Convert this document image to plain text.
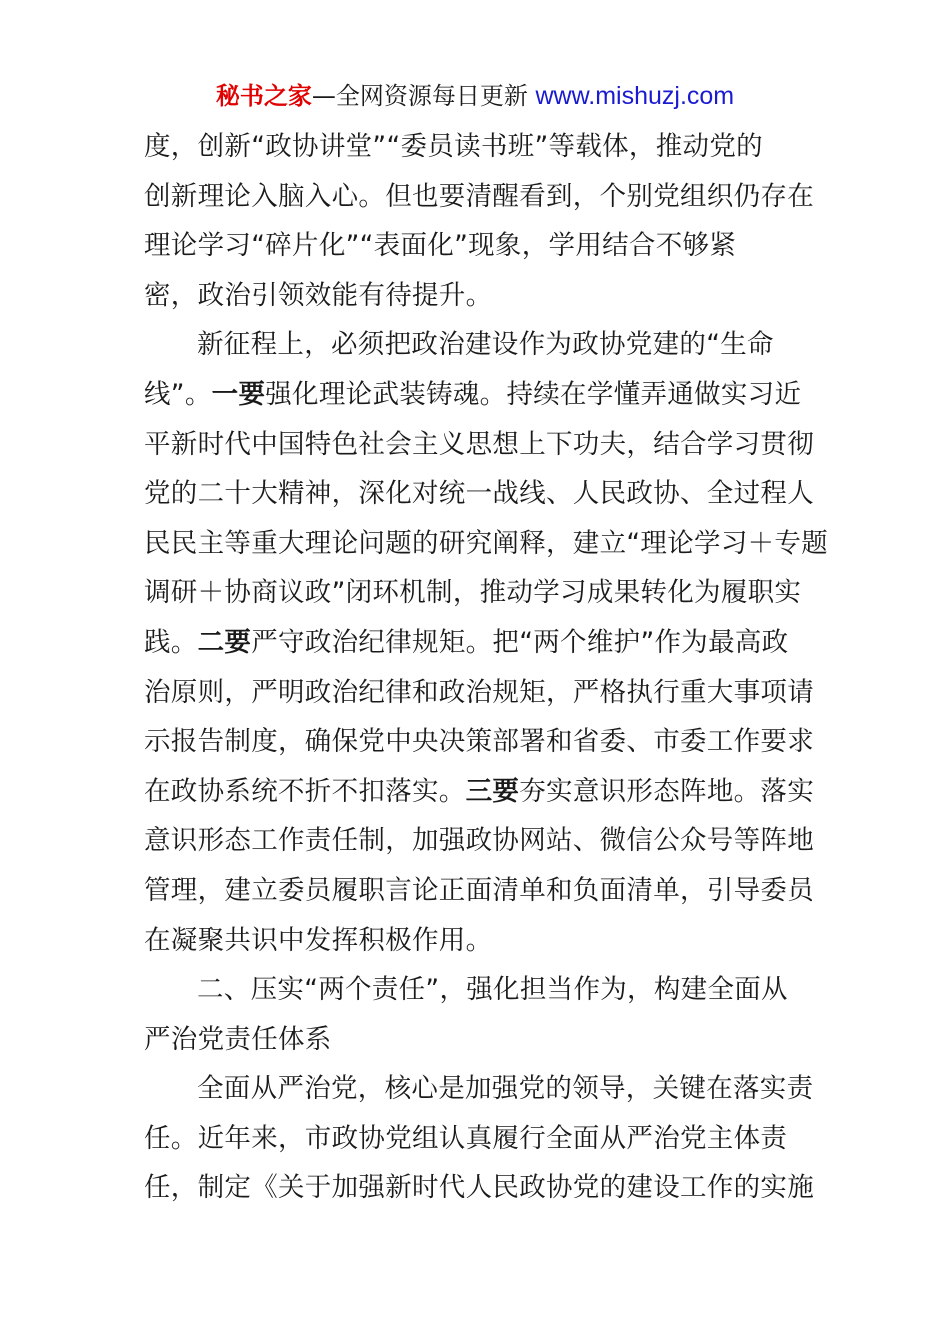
秘书之家—全网资源每日更新 www.mishuzj.com

度，创新“政协讲堂”“委员读书班”等载体，推动党的
创新理论入脑入心。但也要清醒看到，个别党组织仍存在
理论学习“碎片化”“表面化”现象，学用结合不够紧
密，政治引领效能有待提升。

新征程上，必须把政治建设作为政协党建的“生命
线”。一要强化理论武装铸魂。持续在学懂弄通做实习近
平新时代中国特色社会主义思想上下功夫，结合学习贯彻
党的二十大精神，深化对统一战线、人民政协、全过程人
民民主等重大理论问题的研究阐释，建立“理论学习＋专题
调研＋协商议政”闭环机制，推动学习成果转化为履职实
践。二要严守政治纪律规矩。把“两个维护”作为最高政
治原则，严明政治纪律和政治规矩，严格执行重大事项请
示报告制度，确保党中央决策部署和省委、市委工作要求
在政协系统不折不扣落实。三要夯实意识形态阵地。落实
意识形态工作责任制，加强政协网站、微信公众号等阵地
管理，建立委员履职言论正面清单和负面清单，引导委员
在凝聚共识中发挥积极作用。

二、压实“两个责任”，强化担当作为，构建全面从
严治党责任体系

全面从严治党，核心是加强党的领导，关键在落实责
任。近年来，市政协党组认真履行全面从严治党主体责
任，制定《关于加强新时代人民政协党的建设工作的实施
